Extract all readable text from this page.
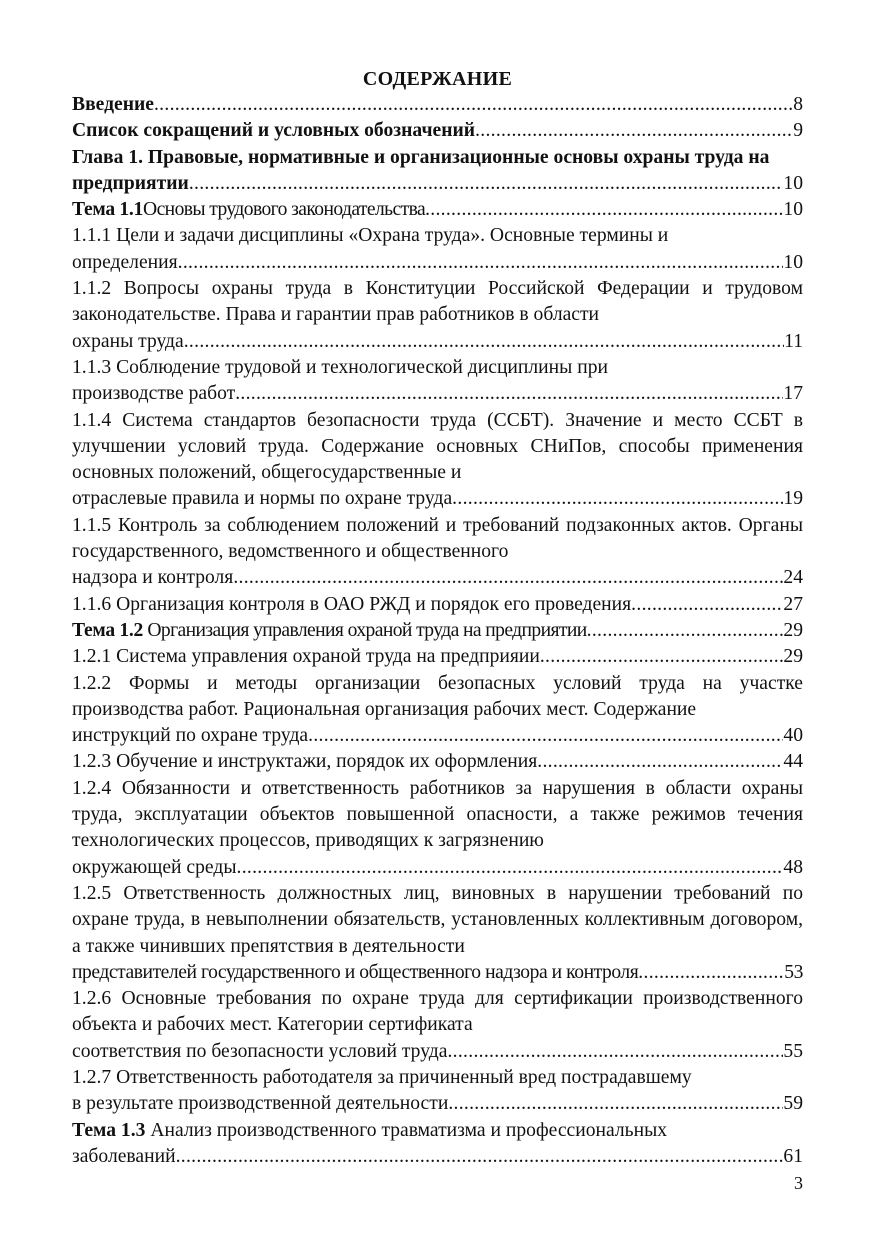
СОДЕРЖАНИЕ
Введение .....	8
Список сокращений и условных обозначений .....	9
Глава 1. Правовые, нормативные и организационные основы охраны труда на
предприятии .....	10
Тема 1.1Основы трудового законодательства .....	10
1.1.1 Цели и задачи дисциплины «Охрана труда». Основные термины и
определения .....	10
1.1.2 Вопросы охраны труда в Конституции Российской Федерации и трудовом законодательстве. Права и гарантии прав работников в области
охраны труда .....	11
1.1.3 Соблюдение трудовой и технологической дисциплины при
производстве работ .....	17
1.1.4 Система стандартов безопасности труда (ССБТ). Значение и место ССБТ в улучшении условий труда. Содержание основных СНиПов, способы применения основных положений, общегосударственные и
отраслевые правила и нормы по охране труда .....	19
1.1.5 Контроль за соблюдением положений и требований подзаконных актов. Органы государственного, ведомственного и общественного
надзора и контроля .....	24
1.1.6 Организация контроля в ОАО РЖД и порядок его проведения .....	27
Тема 1.2 Организация управления охраной труда на предприятии .....	29
1.2.1 Система управления охраной труда на предприяии .....	29
1.2.2 Формы и методы организации безопасных условий труда на участке производства работ. Рациональная организация рабочих мест. Содержание
инструкций по охране труда .....	40
1.2.3 Обучение и инструктажи, порядок их оформления .....	44
1.2.4 Обязанности и ответственность работников за нарушения в области охраны труда, эксплуатации объектов повышенной опасности, а также режимов течения технологических процессов, приводящих к загрязнению
окружающей среды .....	48
1.2.5 Ответственность должностных лиц, виновных в нарушении требований по охране труда, в невыполнении обязательств, установленных коллективным договором, а также чинивших препятствия в деятельности
представителей государственного и общественного надзора и контроля .....	53
1.2.6 Основные требования по охране труда для сертификации производственного объекта и рабочих мест. Категории сертификата
соответствия по безопасности условий труда .....	55
1.2.7 Ответственность работодателя за причиненный вред пострадавшему
в результате производственной деятельности .....	59
Тема 1.3 Анализ производственного травматизма и профессиональных
заболеваний .....	61
3
